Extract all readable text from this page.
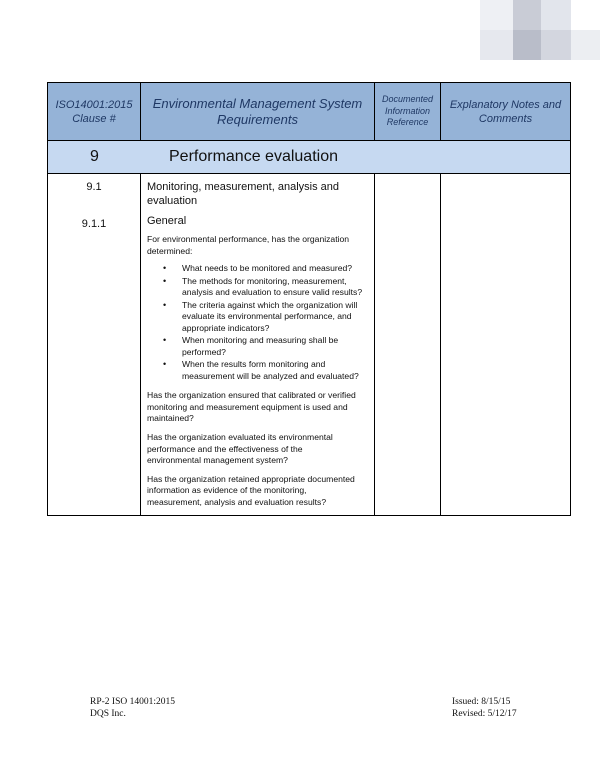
ISO14001:2015
Clause #
Environmental Management System
Requirements
Documented
Information
Reference
Explanatory Notes and
Comments
9	Performance evaluation
9.1
9.1.1
Monitoring, measurement, analysis and
evaluation
General
For environmental performance, has the organization
determined:
• What needs to be monitored and measured?
• The methods for monitoring, measurement,
analysis and evaluation to ensure valid results?
• The criteria against which the organization will
evaluate its environmental performance, and
appropriate indicators?
• When monitoring and measuring shall be
performed?
• When the results form monitoring and
measurement will be analyzed and evaluated?
Has the organization ensured that calibrated or verified
monitoring and measurement equipment is used and
maintained?
Has the organization evaluated its environmental
performance and the effectiveness of the
environmental management system?
Has the organization retained appropriate documented
information as evidence of the monitoring,
measurement, analysis and evaluation results?
RP-2 ISO 14001:2015
DQS Inc.
Issued: 8/15/15
Revised: 5/12/17
